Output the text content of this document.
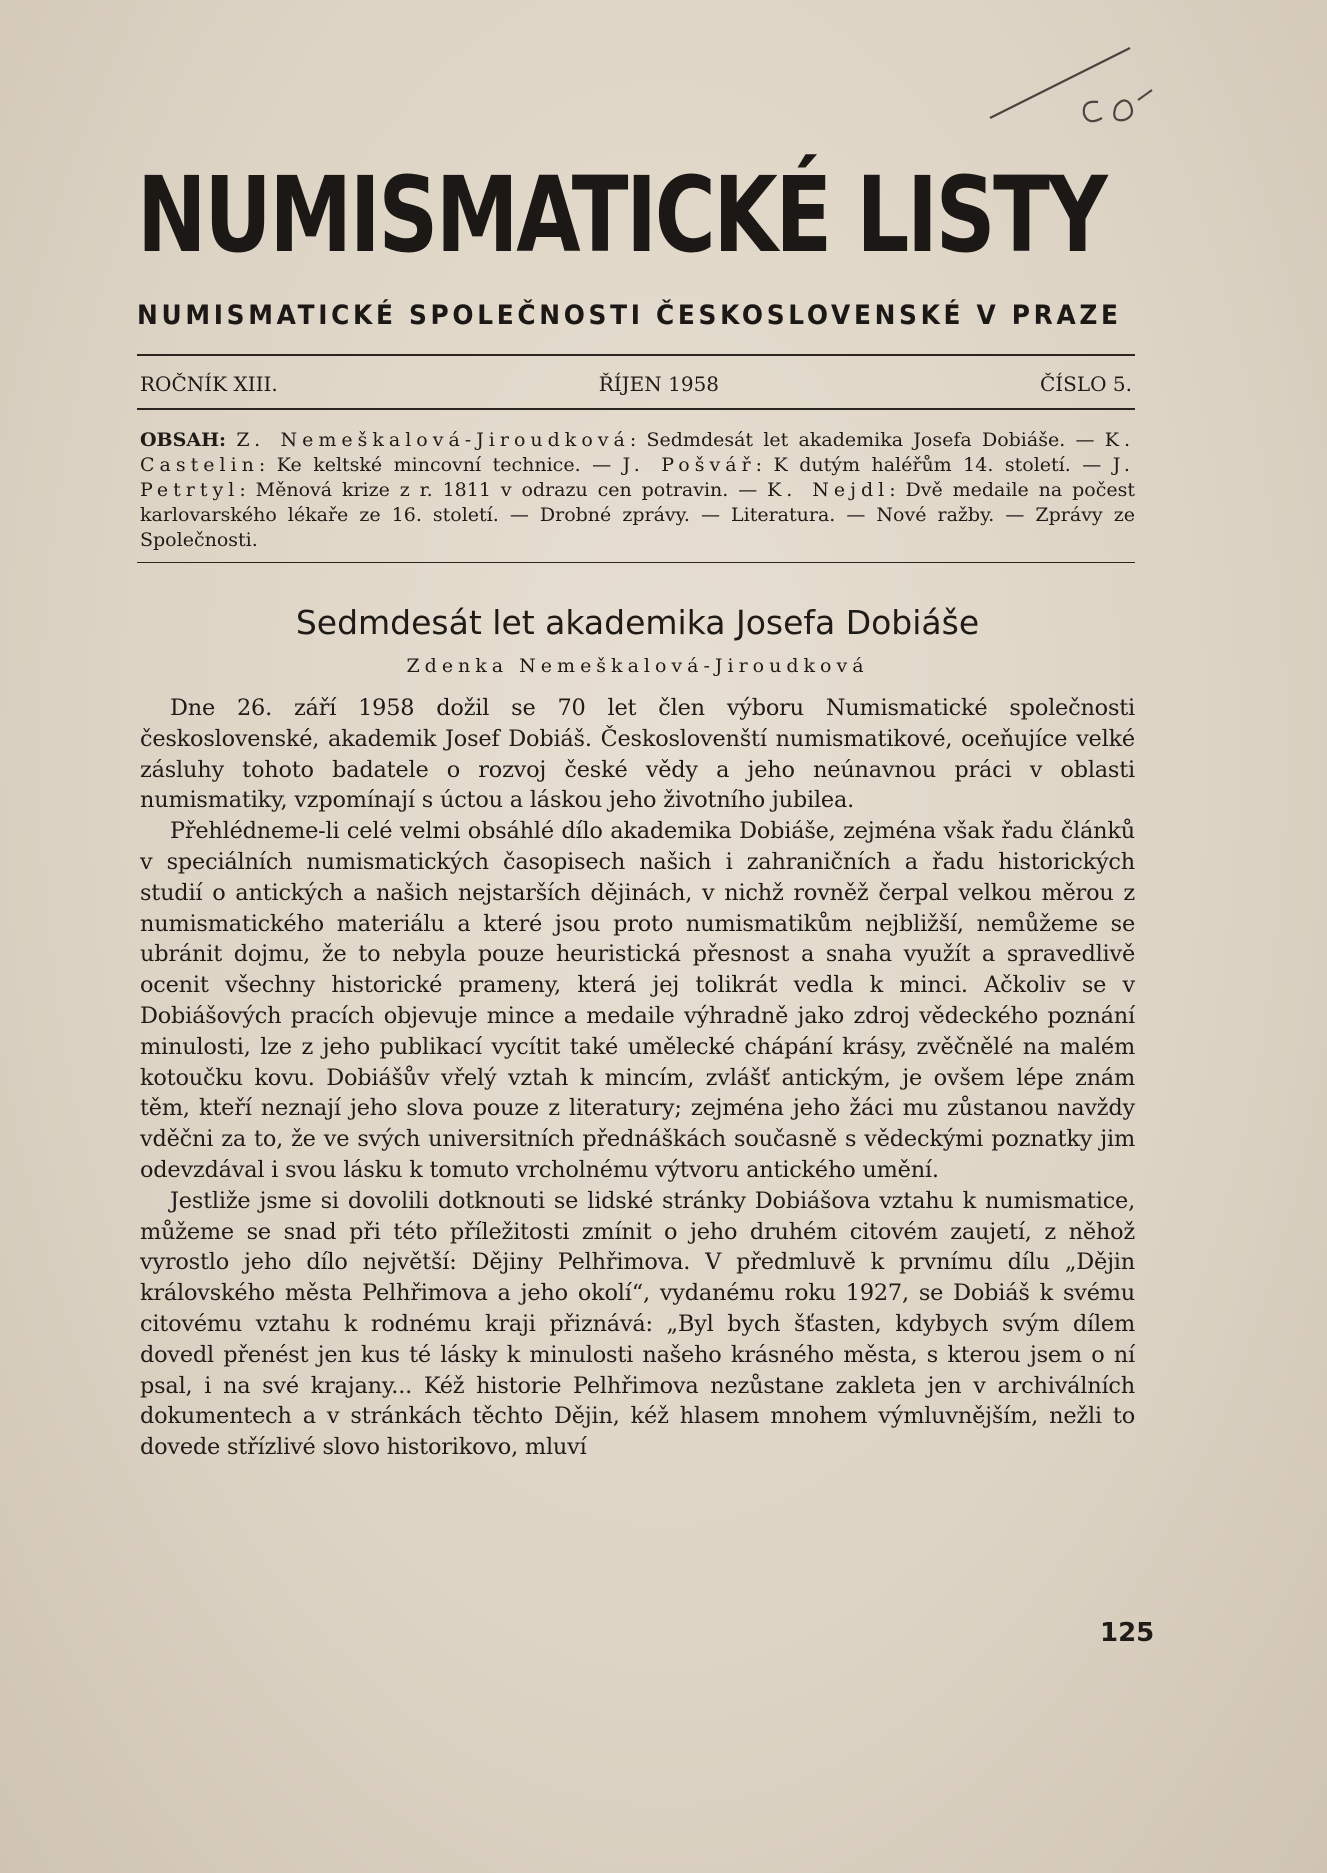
60
NUMISMATICKÉ LISTY
NUMISMATICKÉ SPOLEČNOSTI ČESKOSLOVENSKÉ V PRAZE
ROČNÍK XIII.	ŘÍJEN 1958	ČÍSLO 5.
OBSAH: Z. Nemeškalová-Jiroudková: Sedmdesát let akademika Josefa Dobiáše. — K. Castelin: Ke keltské mincovní technice. — J. Pošvář: K dutým haléřům 14. století. — J. Petrtyl: Měnová krize z r. 1811 v odrazu cen potravin. — K. Nejdl: Dvě medaile na počest karlovarského lékaře ze 16. století. — Drobné zprávy. — Literatura. — Nové ražby. — Zprávy ze Společnosti.
Sedmdesát let akademika Josefa Dobiáše
Zdenka Nemeškalová-Jiroudková

Dne 26. září 1958 dožil se 70 let člen výboru Numismatické společnosti československé, akademik Josef Dobiáš. Českoslovenští numismatikové, oceňujíce velké zásluhy tohoto badatele o rozvoj české vědy a jeho neúnavnou práci v oblasti numismatiky, vzpomínají s úctou a láskou jeho životního jubilea.

Přehlédneme-li celé velmi obsáhlé dílo akademika Dobiáše, zejména však řadu článků v speciálních numismatických časopisech našich i zahraničních a řadu historických studií o antických a našich nejstarších dějinách, v nichž rovněž čerpal velkou měrou z numismatického materiálu a které jsou proto numismatikům nejbližší, nemůžeme se ubránit dojmu, že to nebyla pouze heuristická přesnost a snaha využít a spravedlivě ocenit všechny historické prameny, která jej tolikrát vedla k minci. Ačkoliv se v Dobiášových pracích objevuje mince a medaile výhradně jako zdroj vědeckého poznání minulosti, lze z jeho publikací vycítit také umělecké chápání krásy, zvěčnělé na malém kotoučku kovu. Dobiášův vřelý vztah k mincím, zvlášť antickým, je ovšem lépe znám těm, kteří neznají jeho slova pouze z literatury; zejména jeho žáci mu zůstanou navždy vděčni za to, že ve svých universitních přednáškách současně s vědeckými poznatky jim odevzdával i svou lásku k tomuto vrcholnému výtvoru antického umění.

Jestliže jsme si dovolili dotknouti se lidské stránky Dobiášova vztahu k numismatice, můžeme se snad při této příležitosti zmínit o jeho druhém citovém zaujetí, z něhož vyrostlo jeho dílo největší: Dějiny Pelhřimova. V předmluvě k prvnímu dílu „Dějin královského města Pelhřimova a jeho okolí“, vydanému roku 1927, se Dobiáš k svému citovému vztahu k rodnému kraji přiznává: „Byl bych šťasten, kdybych svým dílem dovedl přenést jen kus té lásky k minulosti našeho krásného města, s kterou jsem o ní psal, i na své krajany... Kéž historie Pelhřimova nezůstane zakleta jen v archiválních dokumentech a v stránkách těchto Dějin, kéž hlasem mnohem výmluvnějším, nežli to dovede střízlivé slovo historikovo, mluví

125
